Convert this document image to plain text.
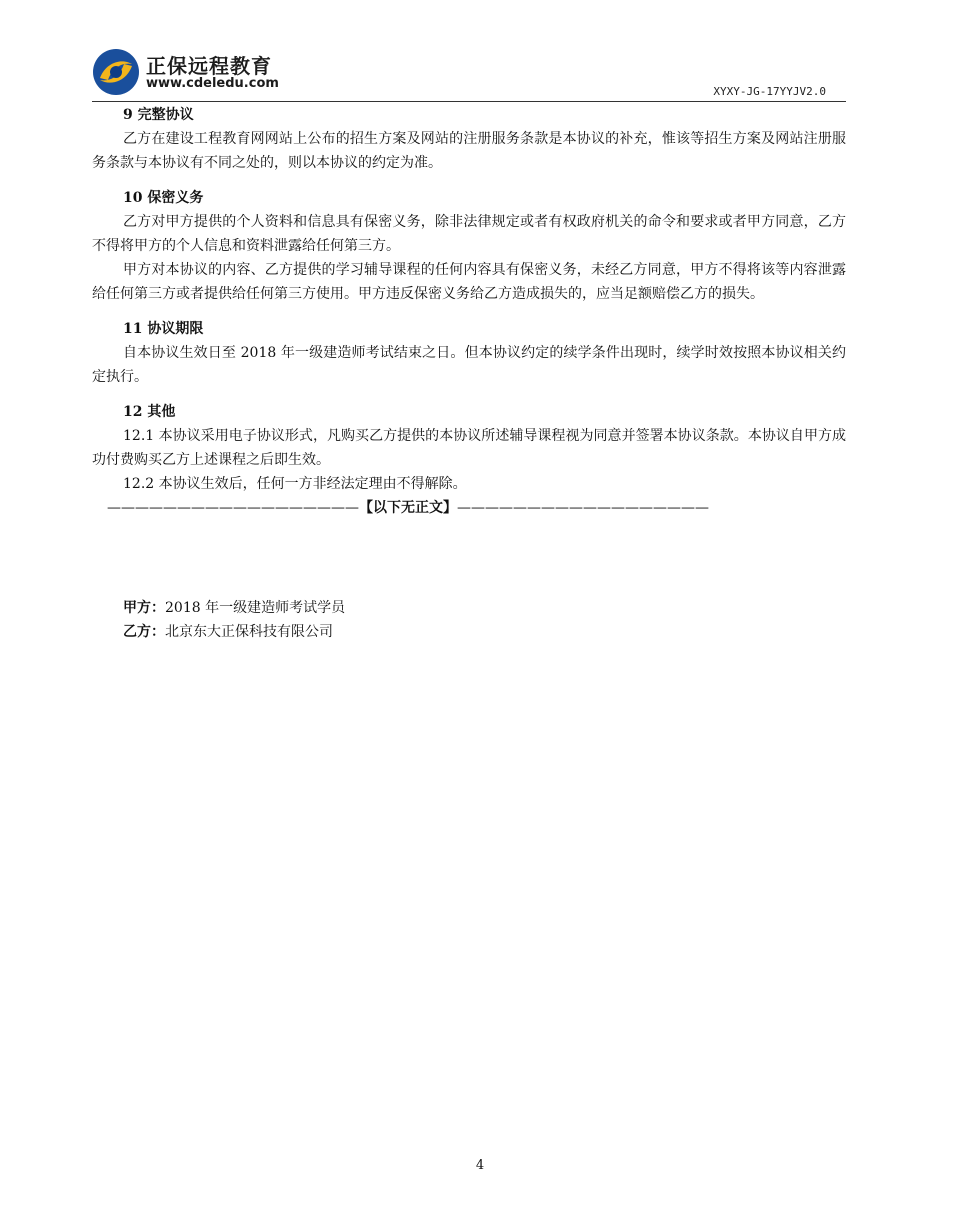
正保远程教育
www.cdeledu.com
XYXY-JG-17YYJV2.0

9 完整协议

乙方在建设工程教育网网站上公布的招生方案及网站的注册服务条款是本协议的补充，惟该等招生方案及网站注册服务条款与本协议有不同之处的，则以本协议的约定为准。

10 保密义务

乙方对甲方提供的个人资料和信息具有保密义务，除非法律规定或者有权政府机关的命令和要求或者甲方同意，乙方不得将甲方的个人信息和资料泄露给任何第三方。

甲方对本协议的内容、乙方提供的学习辅导课程的任何内容具有保密义务，未经乙方同意，甲方不得将该等内容泄露给任何第三方或者提供给任何第三方使用。甲方违反保密义务给乙方造成损失的，应当足额赔偿乙方的损失。

11 协议期限

自本协议生效日至 2018 年一级建造师考试结束之日。但本协议约定的续学条件出现时，续学时效按照本协议相关约定执行。

12 其他

12.1 本协议采用电子协议形式，凡购买乙方提供的本协议所述辅导课程视为同意并签署本协议条款。本协议自甲方成功付费购买乙方上述课程之后即生效。

12.2 本协议生效后，任何一方非经法定理由不得解除。

——————————————————【以下无正文】——————————————————

甲方：2018 年一级建造师考试学员

乙方：北京东大正保科技有限公司

4
